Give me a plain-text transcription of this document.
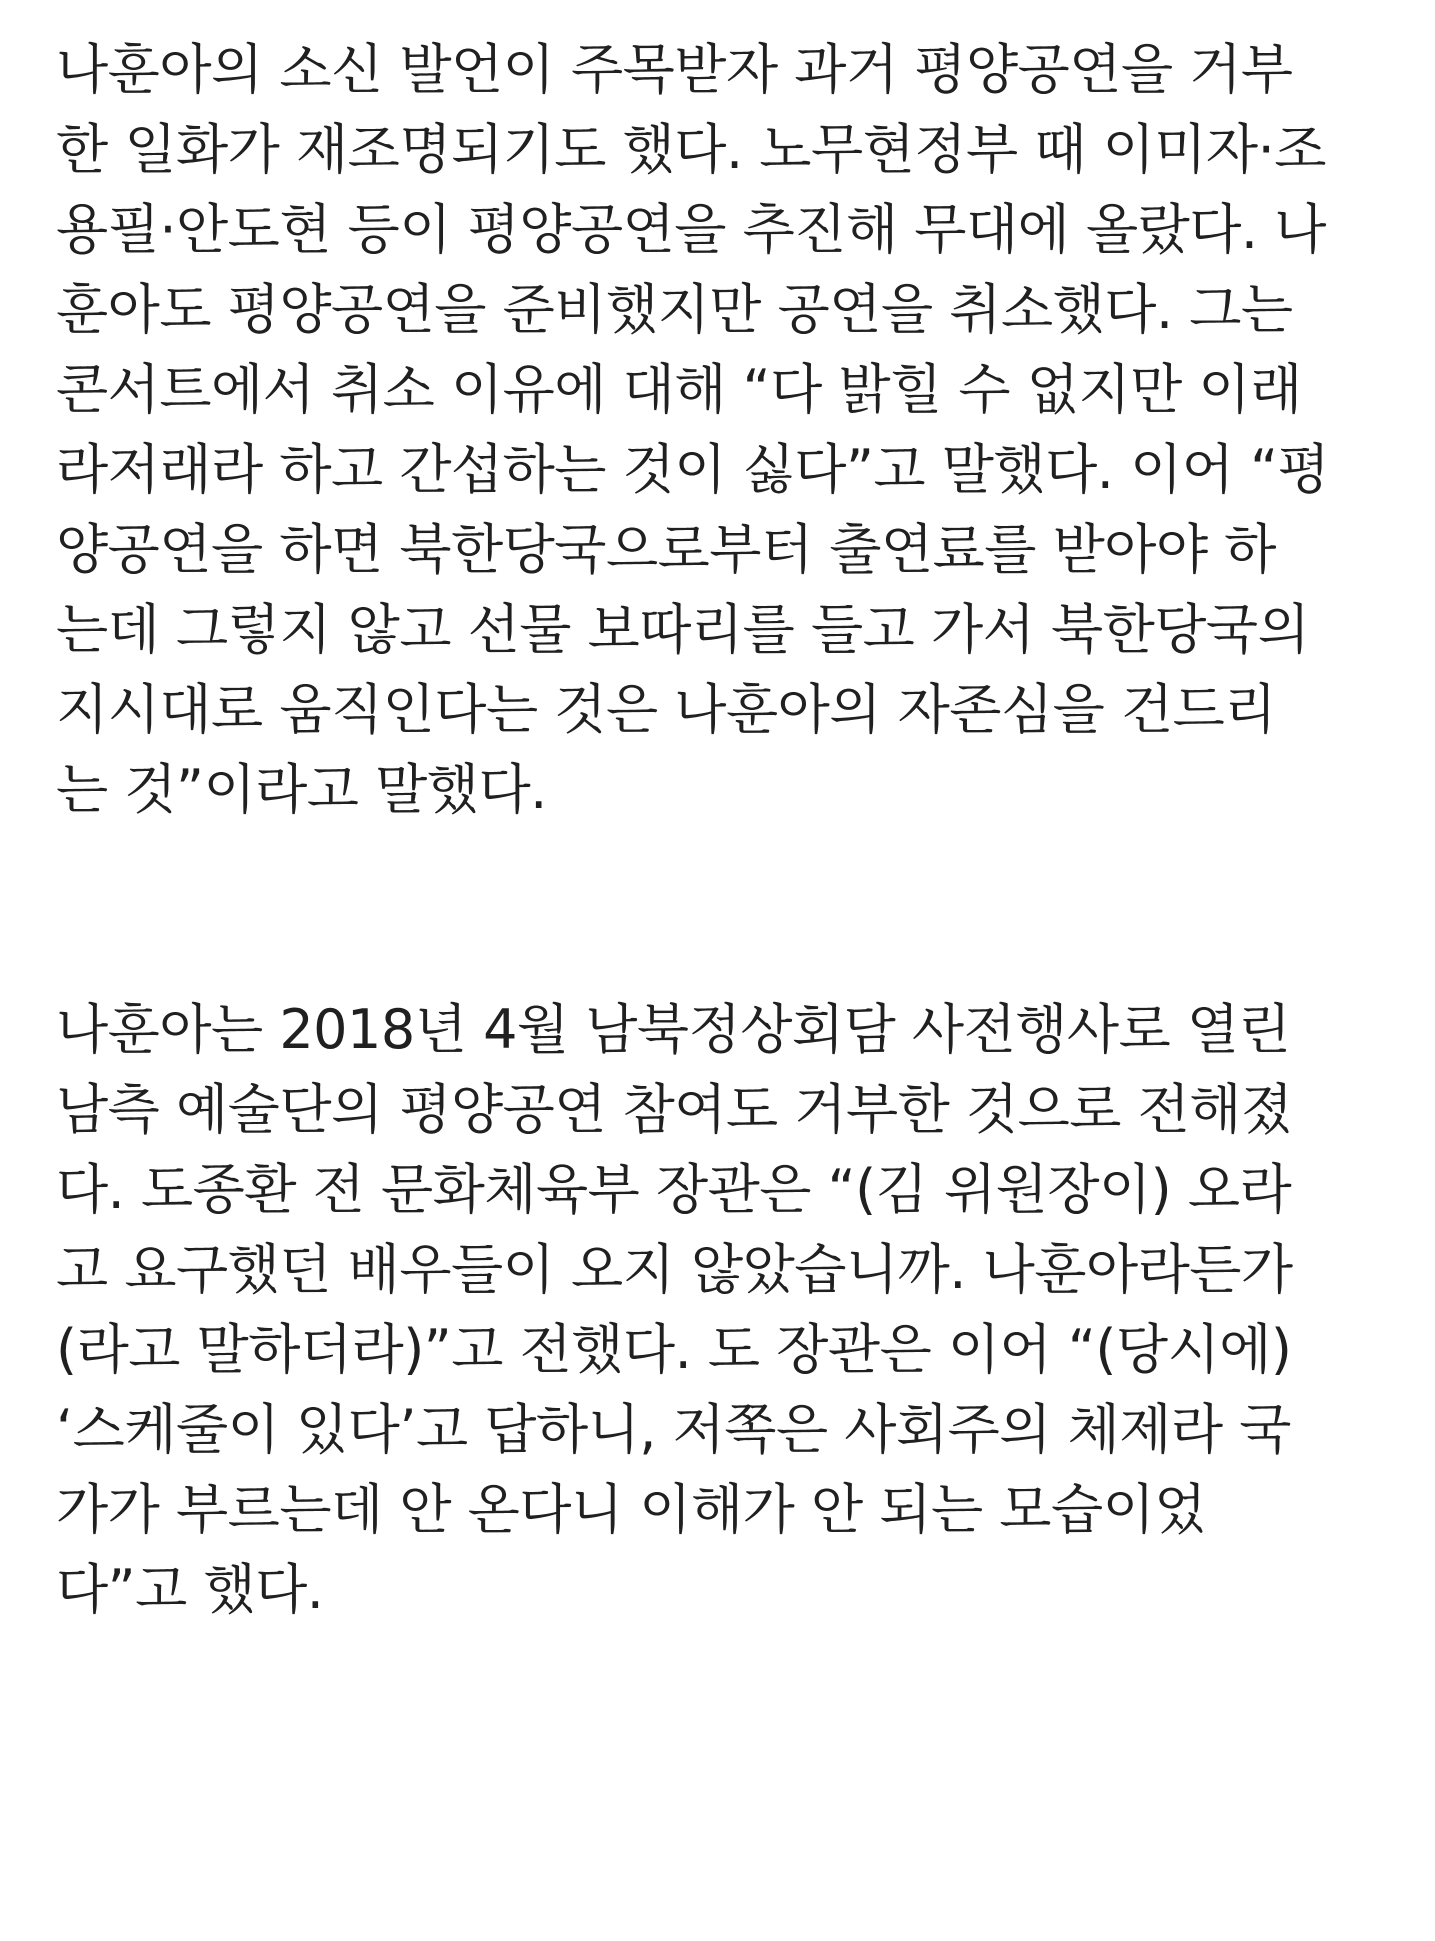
나훈아의 소신 발언이 주목받자 과거 평양공연을 거부
한 일화가 재조명되기도 했다. 노무현정부 때 이미자·조
용필·안도현 등이 평양공연을 추진해 무대에 올랐다. 나
훈아도 평양공연을 준비했지만 공연을 취소했다. 그는
콘서트에서 취소 이유에 대해 “다 밝힐 수 없지만 이래
라저래라 하고 간섭하는 것이 싫다”고 말했다. 이어 “평
양공연을 하면 북한당국으로부터 출연료를 받아야 하
는데 그렇지 않고 선물 보따리를 들고 가서 북한당국의
지시대로 움직인다는 것은 나훈아의 자존심을 건드리
는 것”이라고 말했다.

나훈아는 2018년 4월 남북정상회담 사전행사로 열린
남측 예술단의 평양공연 참여도 거부한 것으로 전해졌
다. 도종환 전 문화체육부 장관은 “(김 위원장이) 오라
고 요구했던 배우들이 오지 않았습니까. 나훈아라든가
(라고 말하더라)”고 전했다. 도 장관은 이어 “(당시에)
‘스케줄이 있다’고 답하니, 저쪽은 사회주의 체제라 국
가가 부르는데 안 온다니 이해가 안 되는 모습이었
다”고 했다.
